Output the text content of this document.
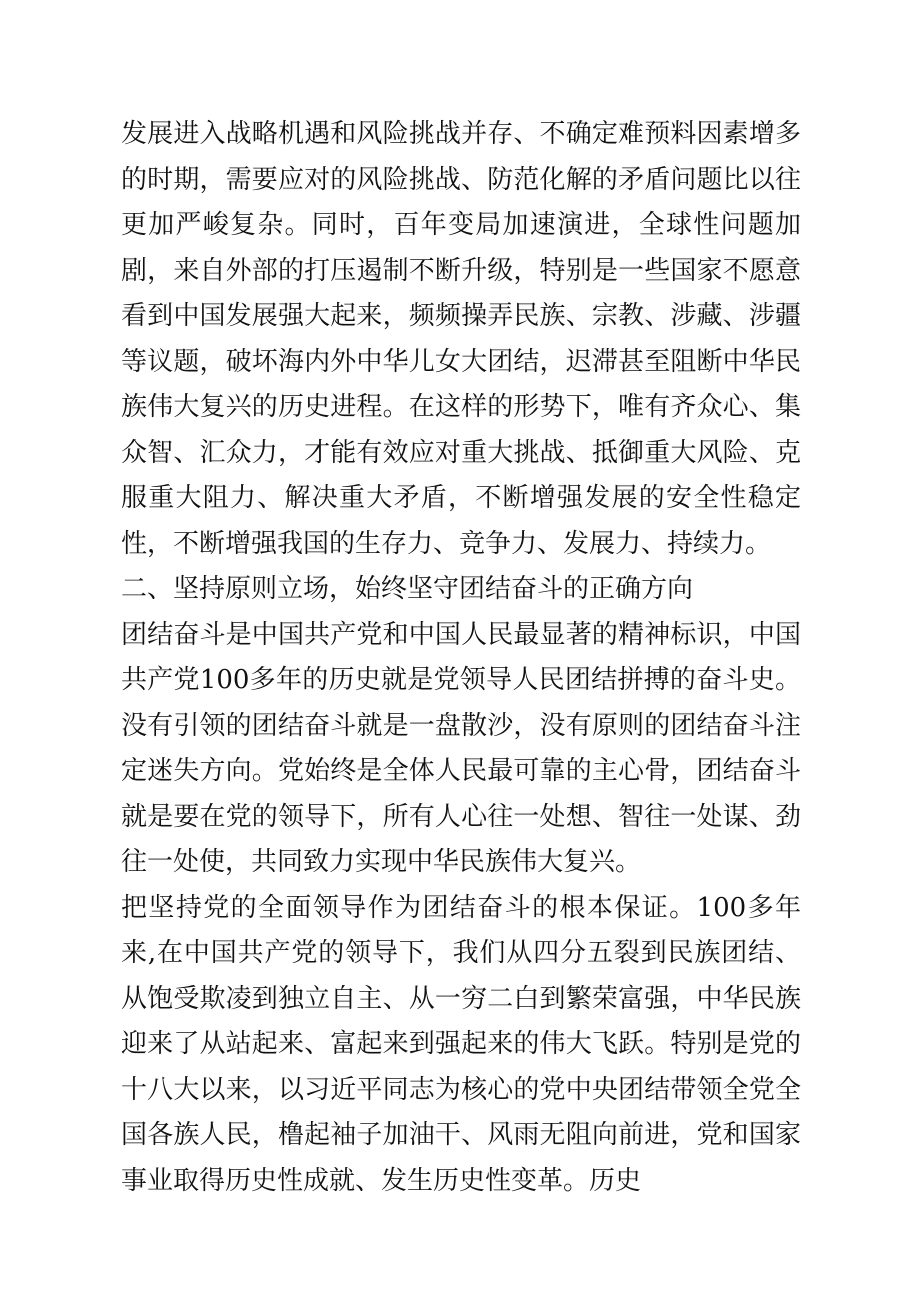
发展进入战略机遇和风险挑战并存、不确定难预料因素增多的时期，需要应对的风险挑战、防范化解的矛盾问题比以往更加严峻复杂。同时，百年变局加速演进，全球性问题加剧，来自外部的打压遏制不断升级，特别是一些国家不愿意看到中国发展强大起来，频频操弄民族、宗教、涉藏、涉疆等议题，破坏海内外中华儿女大团结，迟滞甚至阻断中华民族伟大复兴的历史进程。在这样的形势下，唯有齐众心、集众智、汇众力，才能有效应对重大挑战、抵御重大风险、克服重大阻力、解决重大矛盾，不断增强发展的安全性稳定性，不断增强我国的生存力、竞争力、发展力、持续力。

二、坚持原则立场，始终坚守团结奋斗的正确方向

团结奋斗是中国共产党和中国人民最显著的精神标识，中国共产党100多年的历史就是党领导人民团结拼搏的奋斗史。没有引领的团结奋斗就是一盘散沙，没有原则的团结奋斗注定迷失方向。党始终是全体人民最可靠的主心骨，团结奋斗就是要在党的领导下，所有人心往一处想、智往一处谋、劲往一处使，共同致力实现中华民族伟大复兴。

把坚持党的全面领导作为团结奋斗的根本保证。100多年来,在中国共产党的领导下，我们从四分五裂到民族团结、从饱受欺凌到独立自主、从一穷二白到繁荣富强，中华民族迎来了从站起来、富起来到强起来的伟大飞跃。特别是党的十八大以来，以习近平同志为核心的党中央团结带领全党全国各族人民，橹起袖子加油干、风雨无阻向前进，党和国家事业取得历史性成就、发生历史性变革。历史
